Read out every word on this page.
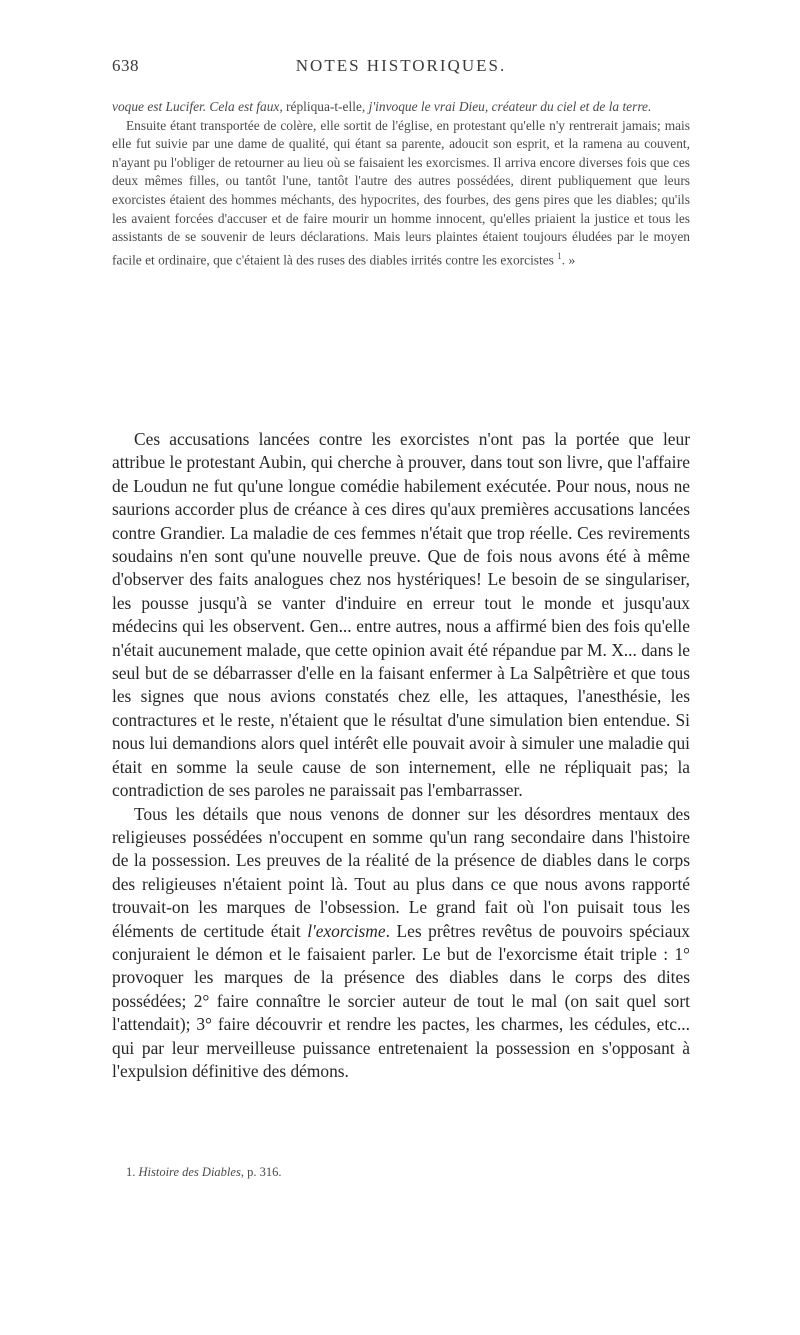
638	NOTES HISTORIQUES.

voque est Lucifer. Cela est faux, répliqua-t-elle, j'invoque le vrai Dieu, créateur du ciel et de la terre.

Ensuite étant transportée de colère, elle sortit de l'église, en protestant qu'elle n'y rentrerait jamais; mais elle fut suivie par une dame de qualité, qui étant sa parente, adoucit son esprit, et la ramena au couvent, n'ayant pu l'obliger de retourner au lieu où se faisaient les exorcismes. Il arriva encore diverses fois que ces deux mêmes filles, ou tantôt l'une, tantôt l'autre des autres possédées, dirent publiquement que leurs exorcistes étaient des hommes méchants, des hypocrites, des fourbes, des gens pires que les diables; qu'ils les avaient forcées d'accuser et de faire mourir un homme innocent, qu'elles priaient la justice et tous les assistants de se souvenir de leurs déclarations. Mais leurs plaintes étaient toujours éludées par le moyen facile et ordinaire, que c'étaient là des ruses des diables irrités contre les exorcistes $^1$. »

Ces accusations lancées contre les exorcistes n'ont pas la portée que leur attribue le protestant Aubin, qui cherche à prouver, dans tout son livre, que l'affaire de Loudun ne fut qu'une longue comédie habilement exécutée. Pour nous, nous ne saurions accorder plus de créance à ces dires qu'aux premières accusations lancées contre Grandier. La maladie de ces femmes n'était que trop réelle. Ces revirements soudains n'en sont qu'une nouvelle preuve. Que de fois nous avons été à même d'observer des faits analogues chez nos hystériques! Le besoin de se singulariser, les pousse jusqu'à se vanter d'induire en erreur tout le monde et jusqu'aux médecins qui les observent. Gen... entre autres, nous a affirmé bien des fois qu'elle n'était aucunement malade, que cette opinion avait été répandue par M. X... dans le seul but de se débarrasser d'elle en la faisant enfermer à La Salpêtrière et que tous les signes que nous avions constatés chez elle, les attaques, l'anesthésie, les contractures et le reste, n'étaient que le résultat d'une simulation bien entendue. Si nous lui demandions alors quel intérêt elle pouvait avoir à simuler une maladie qui était en somme la seule cause de son internement, elle ne répliquait pas; la contradiction de ses paroles ne paraissait pas l'embarrasser.

Tous les détails que nous venons de donner sur les désordres mentaux des religieuses possédées n'occupent en somme qu'un rang secondaire dans l'histoire de la possession. Les preuves de la réalité de la présence de diables dans le corps des religieuses n'étaient point là. Tout au plus dans ce que nous avons rapporté trouvait-on les marques de l'obsession. Le grand fait où l'on puisait tous les éléments de certitude était l'exorcisme. Les prêtres revêtus de pouvoirs spéciaux conjuraient le démon et le faisaient parler. Le but de l'exorcisme était triple : 1° provoquer les marques de la présence des diables dans le corps des dites possédées; 2° faire connaître le sorcier auteur de tout le mal (on sait quel sort l'attendait); 3° faire découvrir et rendre les pactes, les charmes, les cédules, etc... qui par leur merveilleuse puissance entretenaient la possession en s'opposant à l'expulsion définitive des démons.

1. Histoire des Diables, p. 316.
